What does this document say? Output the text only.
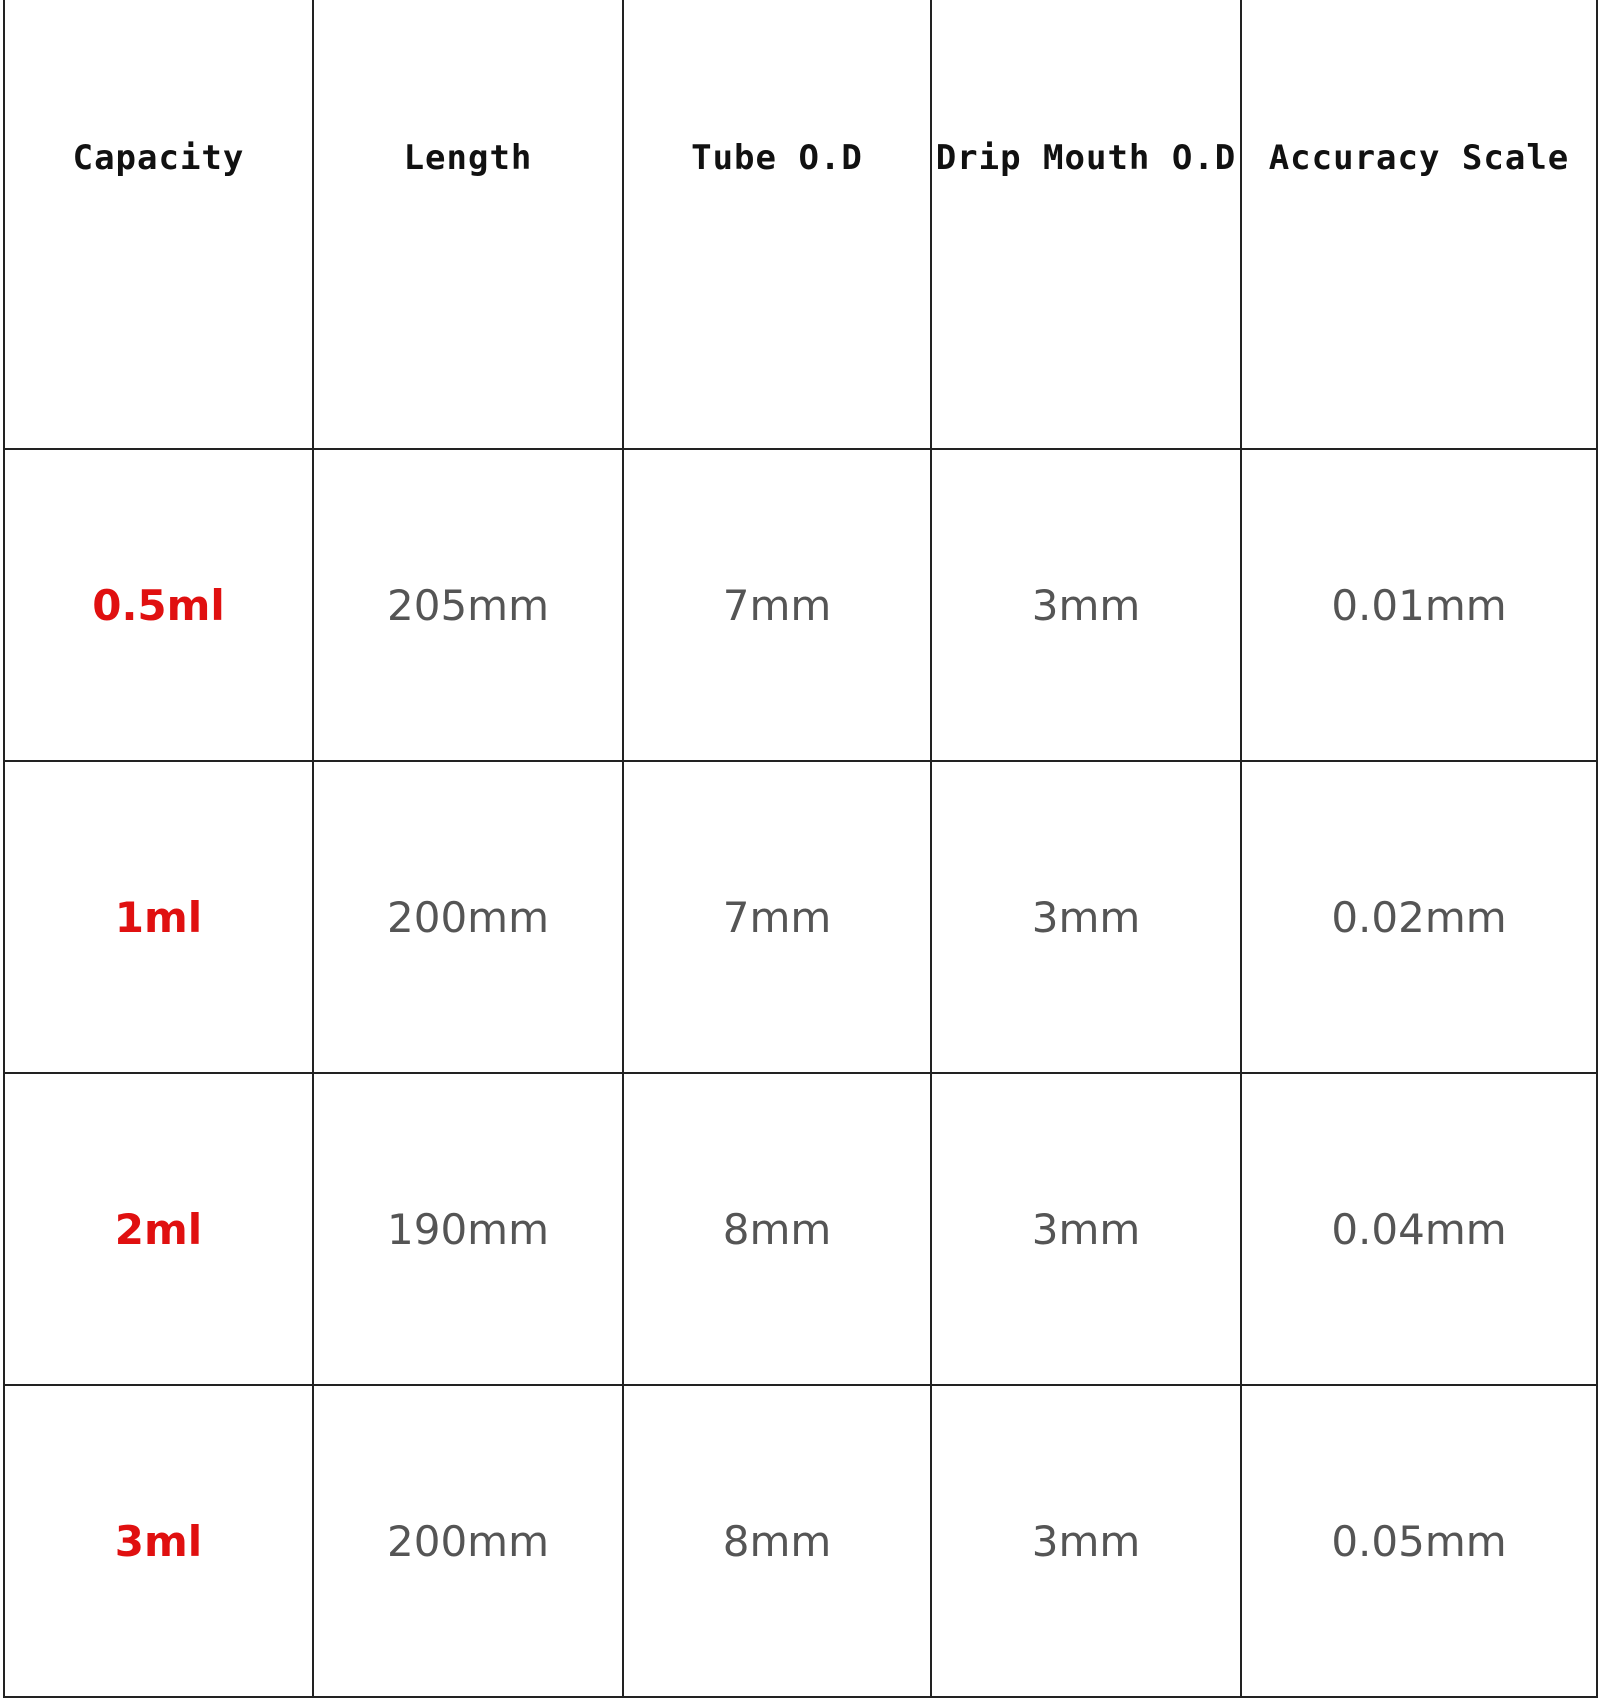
Capacity	Length	Tube O.D	Drip Mouth O.D	Accuracy Scale
0.5ml	205mm	7mm	3mm	0.01mm
1ml	200mm	7mm	3mm	0.02mm
2ml	190mm	8mm	3mm	0.04mm
3ml	200mm	8mm	3mm	0.05mm
